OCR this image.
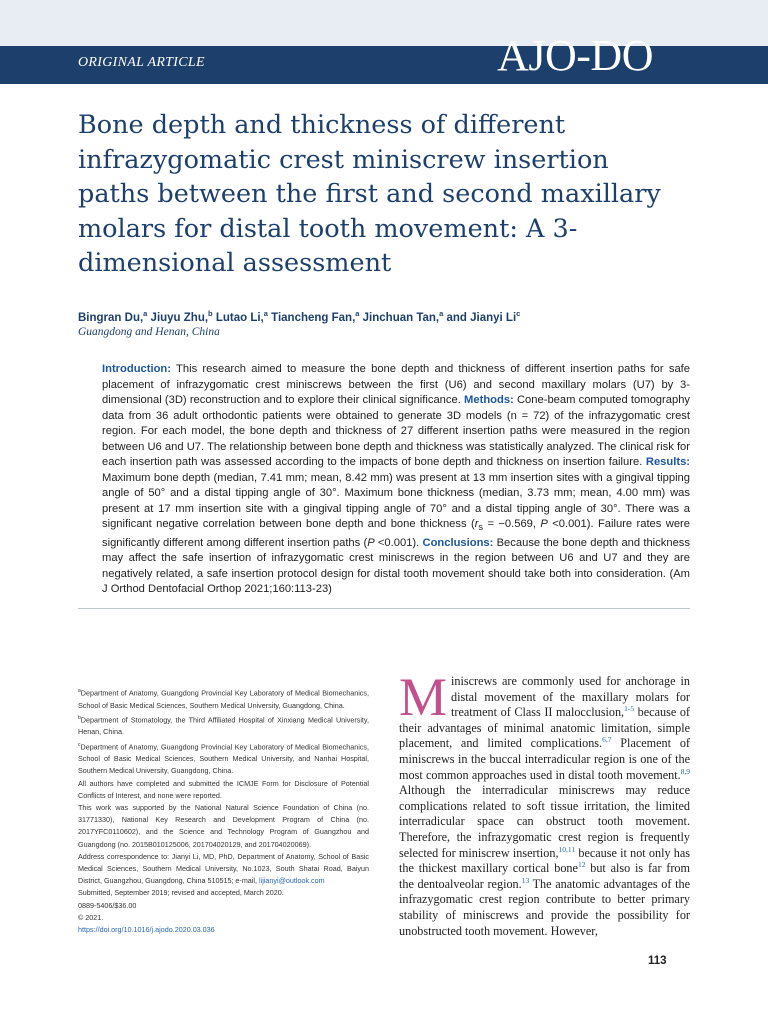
ORIGINAL ARTICLE	AJO-DO
Bone depth and thickness of different infrazygomatic crest miniscrew insertion paths between the first and second maxillary molars for distal tooth movement: A 3-dimensional assessment
Bingran Du,$^a$ Jiuyu Zhu,$^b$ Lutao Li,$^a$ Tiancheng Fan,$^a$ Jinchuan Tan,$^a$ and Jianyi Li$^c$
Guangdong and Henan, China

Introduction: This research aimed to measure the bone depth and thickness of different insertion paths for safe placement of infrazygomatic crest miniscrews between the first (U6) and second maxillary molars (U7) by 3-dimensional (3D) reconstruction and to explore their clinical significance. Methods: Cone-beam computed tomography data from 36 adult orthodontic patients were obtained to generate 3D models (n = 72) of the infrazygomatic crest region. For each model, the bone depth and thickness of 27 different insertion paths were measured in the region between U6 and U7. The relationship between bone depth and thickness was statistically analyzed. The clinical risk for each insertion path was assessed according to the impacts of bone depth and thickness on insertion failure. Results: Maximum bone depth (median, 7.41 mm; mean, 8.42 mm) was present at 13 mm insertion sites with a gingival tipping angle of 50° and a distal tipping angle of 30°. Maximum bone thickness (median, 3.73 mm; mean, 4.00 mm) was present at 17 mm insertion site with a gingival tipping angle of 70° and a distal tipping angle of 30°. There was a significant negative correlation between bone depth and bone thickness ($r_s = -0.569$, P <0.001). Failure rates were significantly different among different insertion paths (P <0.001). Conclusions: Because the bone depth and thickness may affect the safe insertion of infrazygomatic crest miniscrews in the region between U6 and U7 and they are negatively related, a safe insertion protocol design for distal tooth movement should take both into consideration. (Am J Orthod Dentofacial Orthop 2021;160:113-23)

$^a$Department of Anatomy, Guangdong Provincial Key Laboratory of Medical Biomechanics, School of Basic Medical Sciences, Southern Medical University, Guangdong, China.

$^b$Department of Stomatology, the Third Affiliated Hospital of Xinxiang Medical University, Henan, China.

$^c$Department of Anatomy, Guangdong Provincial Key Laboratory of Medical Biomechanics, School of Basic Medical Sciences, Southern Medical University, and Nanhai Hospital, Southern Medical University, Guangdong, China.

All authors have completed and submitted the ICMJE Form for Disclosure of Potential Conflicts of Interest, and none were reported.

This work was supported by the National Natural Science Foundation of China (no. 31771330), National Key Research and Development Program of China (no. 2017YFC0110602), and the Science and Technology Program of Guangzhou and Guangdong (no. 2015B010125006, 201704020129, and 201704020069).

Address correspondence to: Jianyi Li, MD, PhD, Department of Anatomy, School of Basic Medical Sciences, Southern Medical University, No.1023, South Shatai Road, Baiyun District, Guangzhou, Guangdong, China 510515; e-mail, lijianyi@outlook.com

Submitted, September 2019; revised and accepted, March 2020.

0889-5406/$36.00

© 2021.

https://doi.org/10.1016/j.ajodo.2020.03.036

Miniscrews are commonly used for anchorage in distal movement of the maxillary molars for treatment of Class II malocclusion,$^{1-5}$ because of their advantages of minimal anatomic limitation, simple placement, and limited complications.$^{6,7}$ Placement of miniscrews in the buccal interradicular region is one of the most common approaches used in distal tooth movement.$^{8,9}$ Although the interradicular miniscrews may reduce complications related to soft tissue irritation, the limited interradicular space can obstruct tooth movement. Therefore, the infrazygomatic crest region is frequently selected for miniscrew insertion,$^{10,11}$ because it not only has the thickest maxillary cortical bone$^{12}$ but also is far from the dentoalveolar region.$^{13}$ The anatomic advantages of the infrazygomatic crest region contribute to better primary stability of miniscrews and provide the possibility for unobstructed tooth movement. However,

113
